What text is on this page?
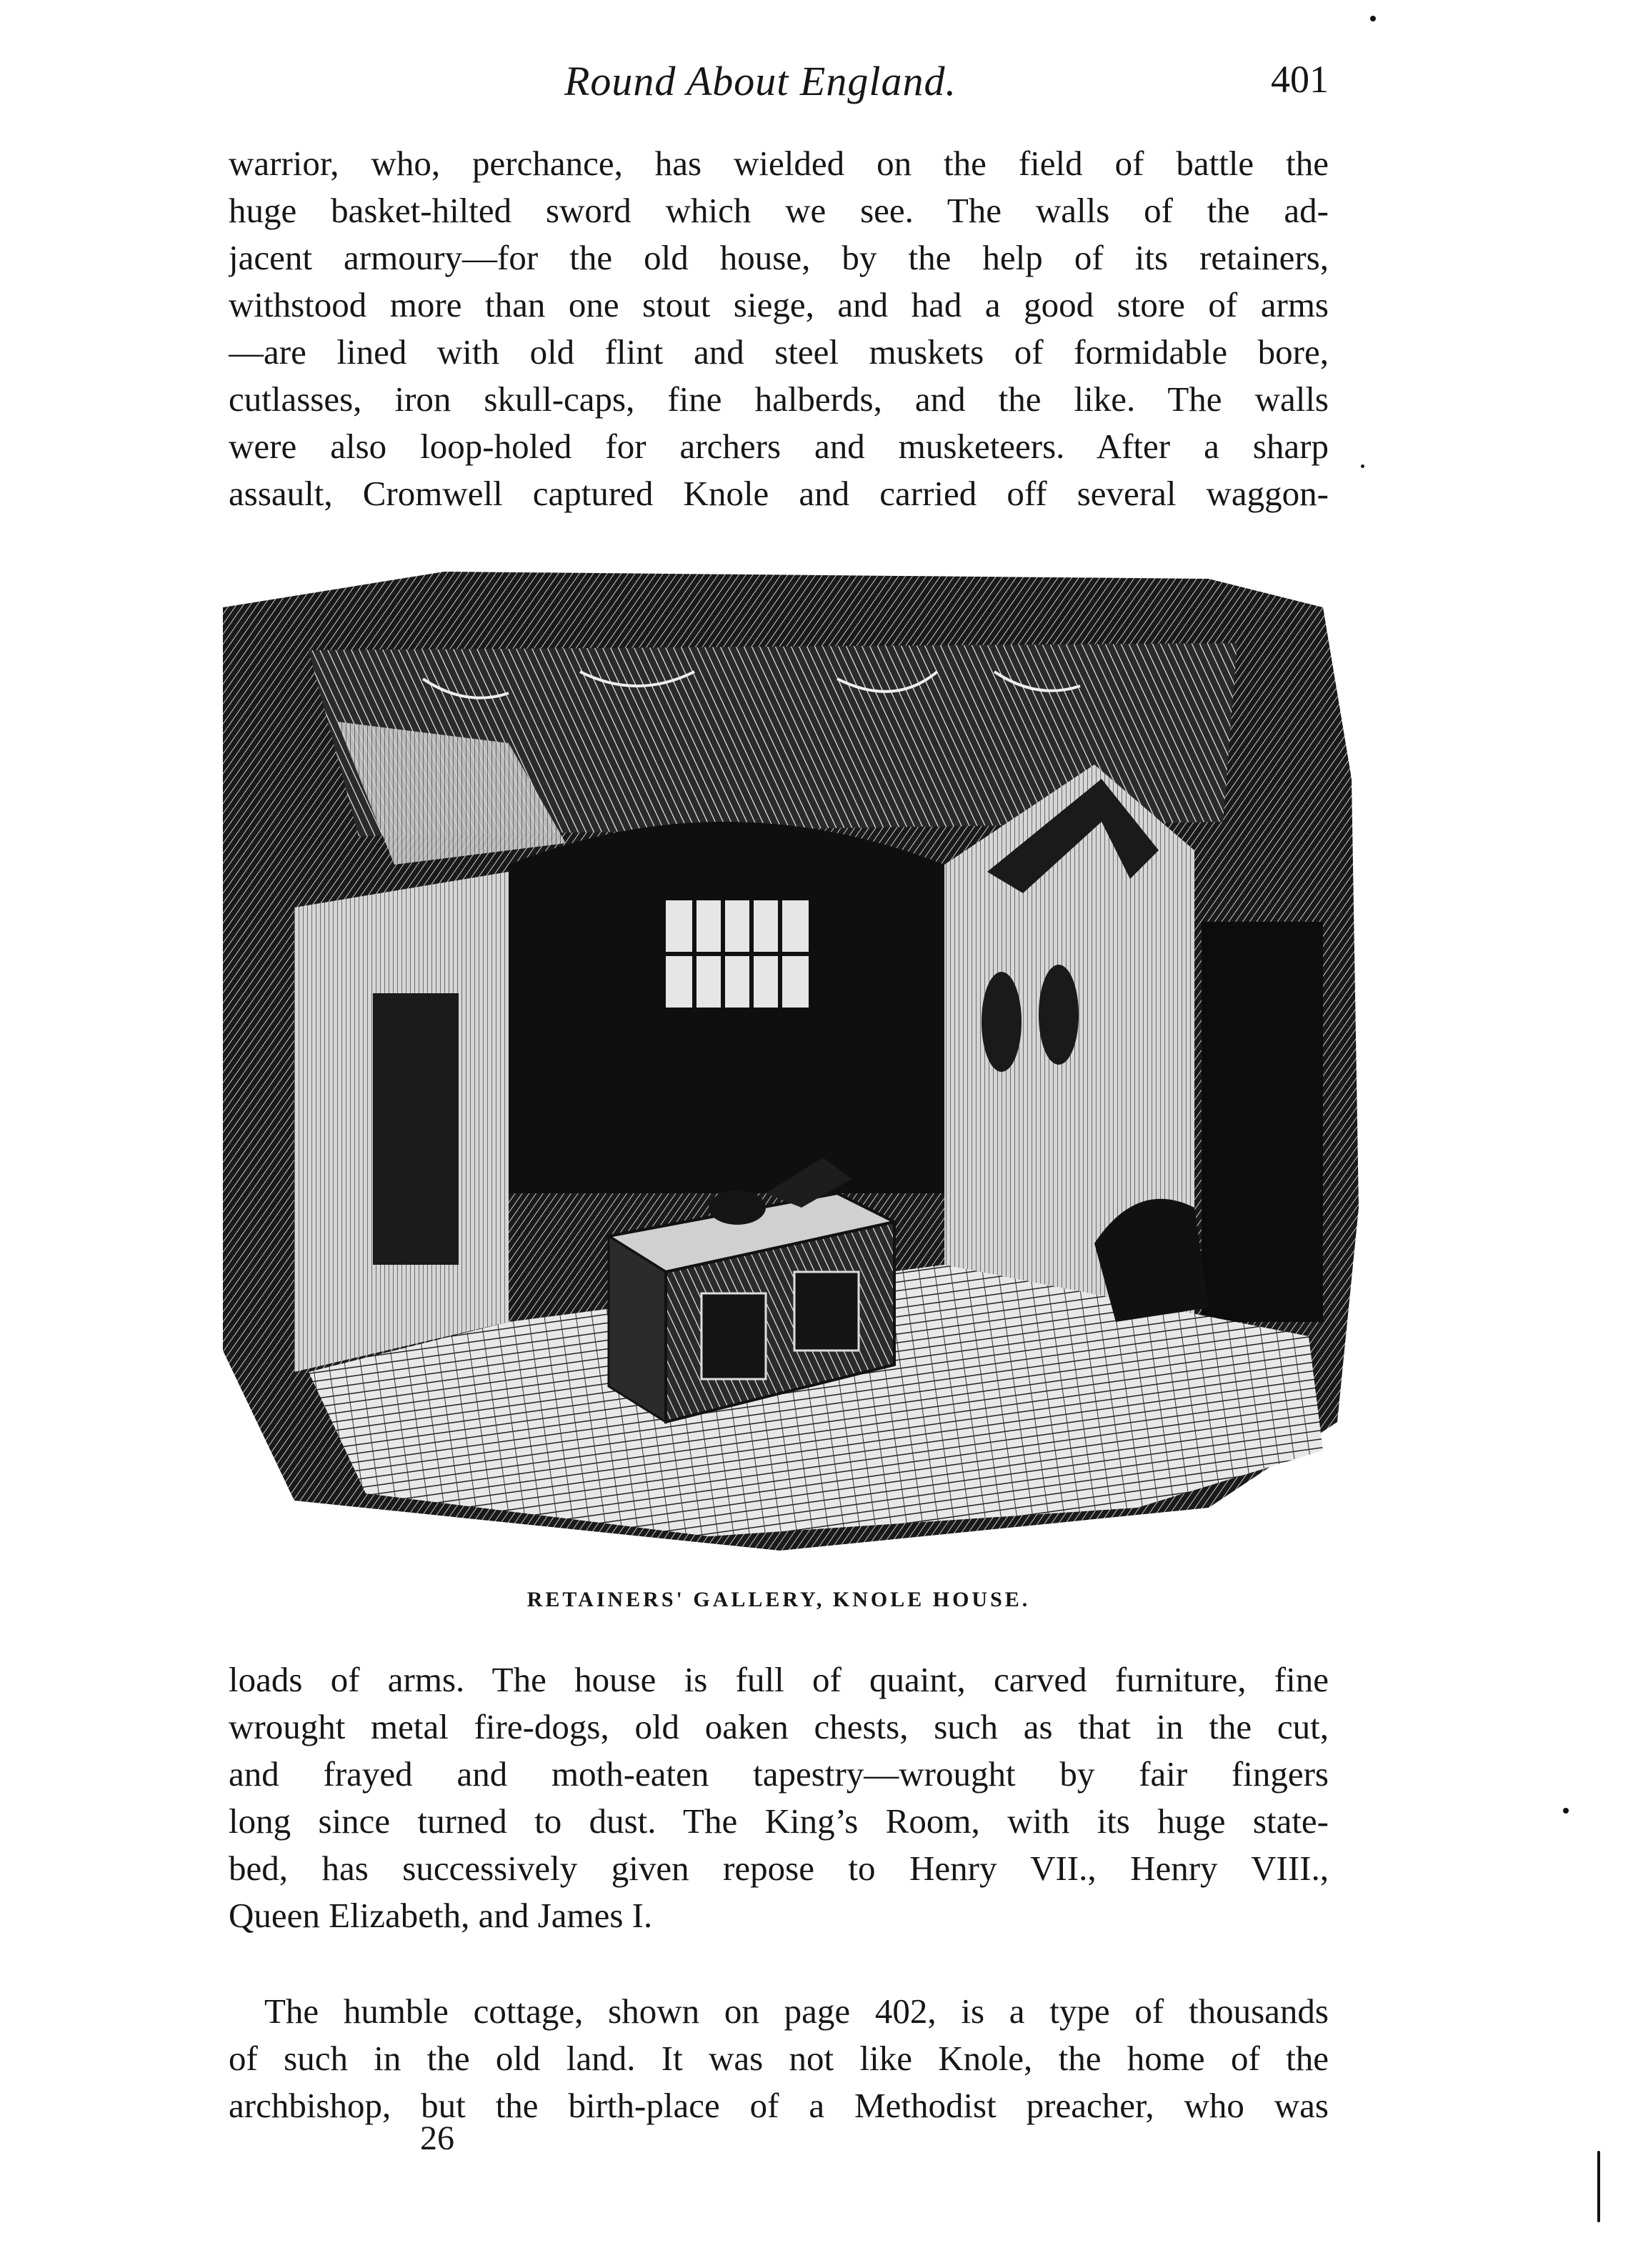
Round About England.	401

warrior, who, perchance, has wielded on the field of battle the
huge basket-hilted sword which we see. The walls of the ad-
jacent armoury—for the old house, by the help of its retainers,
withstood more than one stout siege, and had a good store of arms
—are lined with old flint and steel muskets of formidable bore,
cutlasses, iron skull-caps, fine halberds, and the like. The walls
were also loop-holed for archers and musketeers. After a sharp
assault, Cromwell captured Knole and carried off several waggon-

RETAINERS' GALLERY, KNOLE HOUSE.

loads of arms. The house is full of quaint, carved furniture, fine
wrought metal fire-dogs, old oaken chests, such as that in the cut,
and frayed and moth-eaten tapestry—wrought by fair fingers
long since turned to dust. The King’s Room, with its huge state-
bed, has successively given repose to Henry VII., Henry VIII.,
Queen Elizabeth, and James I.

The humble cottage, shown on page 402, is a type of thousands
of such in the old land. It was not like Knole, the home of the
archbishop, but the birth-place of a Methodist preacher, who was

26
